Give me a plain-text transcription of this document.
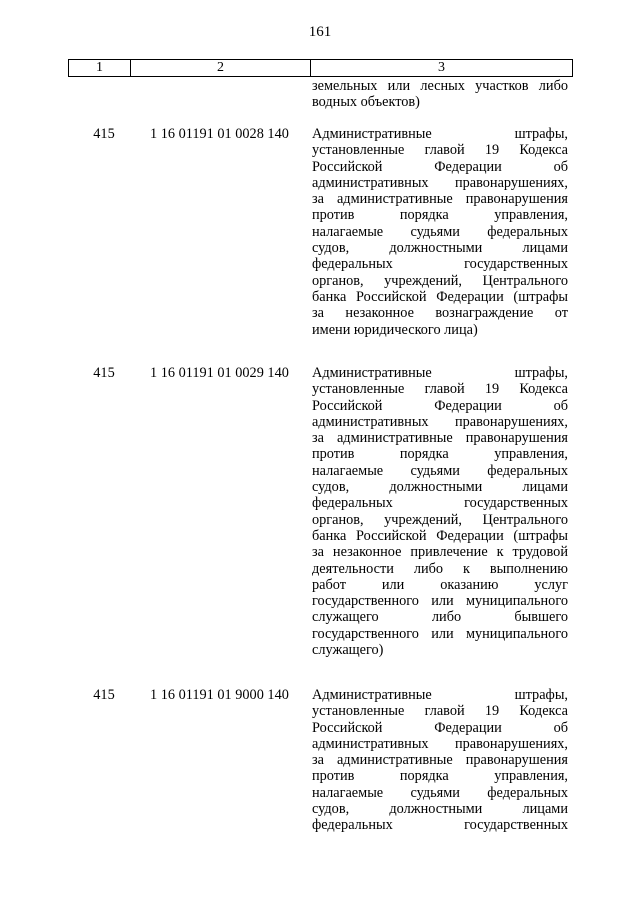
161
1	2	3
земельных или лесных участков либо
водных объектов)
415	1 16 01191 01 0028 140 Административные штрафы,
установленные главой 19 Кодекса
Российской Федерации об
административных правонарушениях,
за административные правонарушения
против порядка управления,
налагаемые судьями федеральных
судов, должностными лицами
федеральных государственных
органов, учреждений, Центрального
банка Российской Федерации (штрафы
за незаконное вознаграждение от
имени юридического лица)
415	1 16 01191 01 0029 140 Административные штрафы,
установленные главой 19 Кодекса
Российской Федерации об
административных правонарушениях,
за административные правонарушения
против порядка управления,
налагаемые судьями федеральных
судов, должностными лицами
федеральных государственных
органов, учреждений, Центрального
банка Российской Федерации (штрафы
за незаконное привлечение к трудовой
деятельности либо к выполнению
работ или оказанию услуг
государственного или муниципального
служащего либо бывшего
государственного или муниципального
служащего)
415	1 16 01191 01 9000 140 Административные штрафы,
установленные главой 19 Кодекса
Российской Федерации об
административных правонарушениях,
за административные правонарушения
против порядка управления,
налагаемые судьями федеральных
судов, должностными лицами
федеральных государственных
